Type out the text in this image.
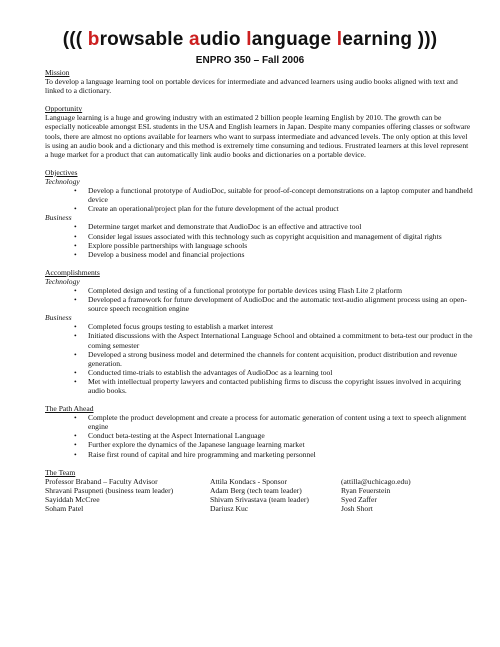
((( browsable audio language learning )))
ENPRO 350 – Fall 2006
Mission
To develop a language learning tool on portable devices for intermediate and advanced learners using audio books aligned with text and linked to a dictionary.
Opportunity
Language learning is a huge and growing industry with an estimated 2 billion people learning English by 2010. The growth can be especially noticeable amongst ESL students in the USA and English learners in Japan. Despite many companies offering classes or software tools, there are almost no options available for learners who want to surpass intermediate and advanced levels. The only option at this level is using an audio book and a dictionary and this method is extremely time consuming and tedious. Frustrated learners at this level represent a huge market for a product that can automatically link audio books and dictionaries on a portable device.
Objectives
Technology
• Develop a functional prototype of AudioDoc, suitable for proof-of-concept demonstrations on a laptop computer and handheld device
• Create an operational/project plan for the future development of the actual product
Business
• Determine target market and demonstrate that AudioDoc is an effective and attractive tool
• Consider legal issues associated with this technology such as copyright acquisition and management of digital rights
• Explore possible partnerships with language schools
• Develop a business model and financial projections
Accomplishments
Technology
• Completed design and testing of a functional prototype for portable devices using Flash Lite 2 platform
• Developed a framework for future development of AudioDoc and the automatic text-audio alignment process using an open-source speech recognition engine
Business
• Completed focus groups testing to establish a market interest
• Initiated discussions with the Aspect International Language School and obtained a commitment to beta-test our product in the coming semester
• Developed a strong business model and determined the channels for content acquisition, product distribution and revenue generation.
• Conducted time-trials to establish the advantages of AudioDoc as a learning tool
• Met with intellectual property lawyers and contacted publishing firms to discuss the copyright issues involved in acquiring audio books.
The Path Ahead
• Complete the product development and create a process for automatic generation of content using a text to speech alignment engine
• Conduct beta-testing at the Aspect International Language
• Further explore the dynamics of the Japanese language learning market
• Raise first round of capital and hire programming and marketing personnel
The Team
Professor Braband – Faculty Advisor	Attila Kondacs - Sponsor	(attilla@uchicago.edu)
Shravani Pasupneti (business team leader)	Adam Berg (tech team leader)	Ryan Feuerstein
Sayiddah McCree	Shivam Srivastava (team leader)	Syed Zaffer
Soham Patel	Dariusz Kuc	Josh Short
